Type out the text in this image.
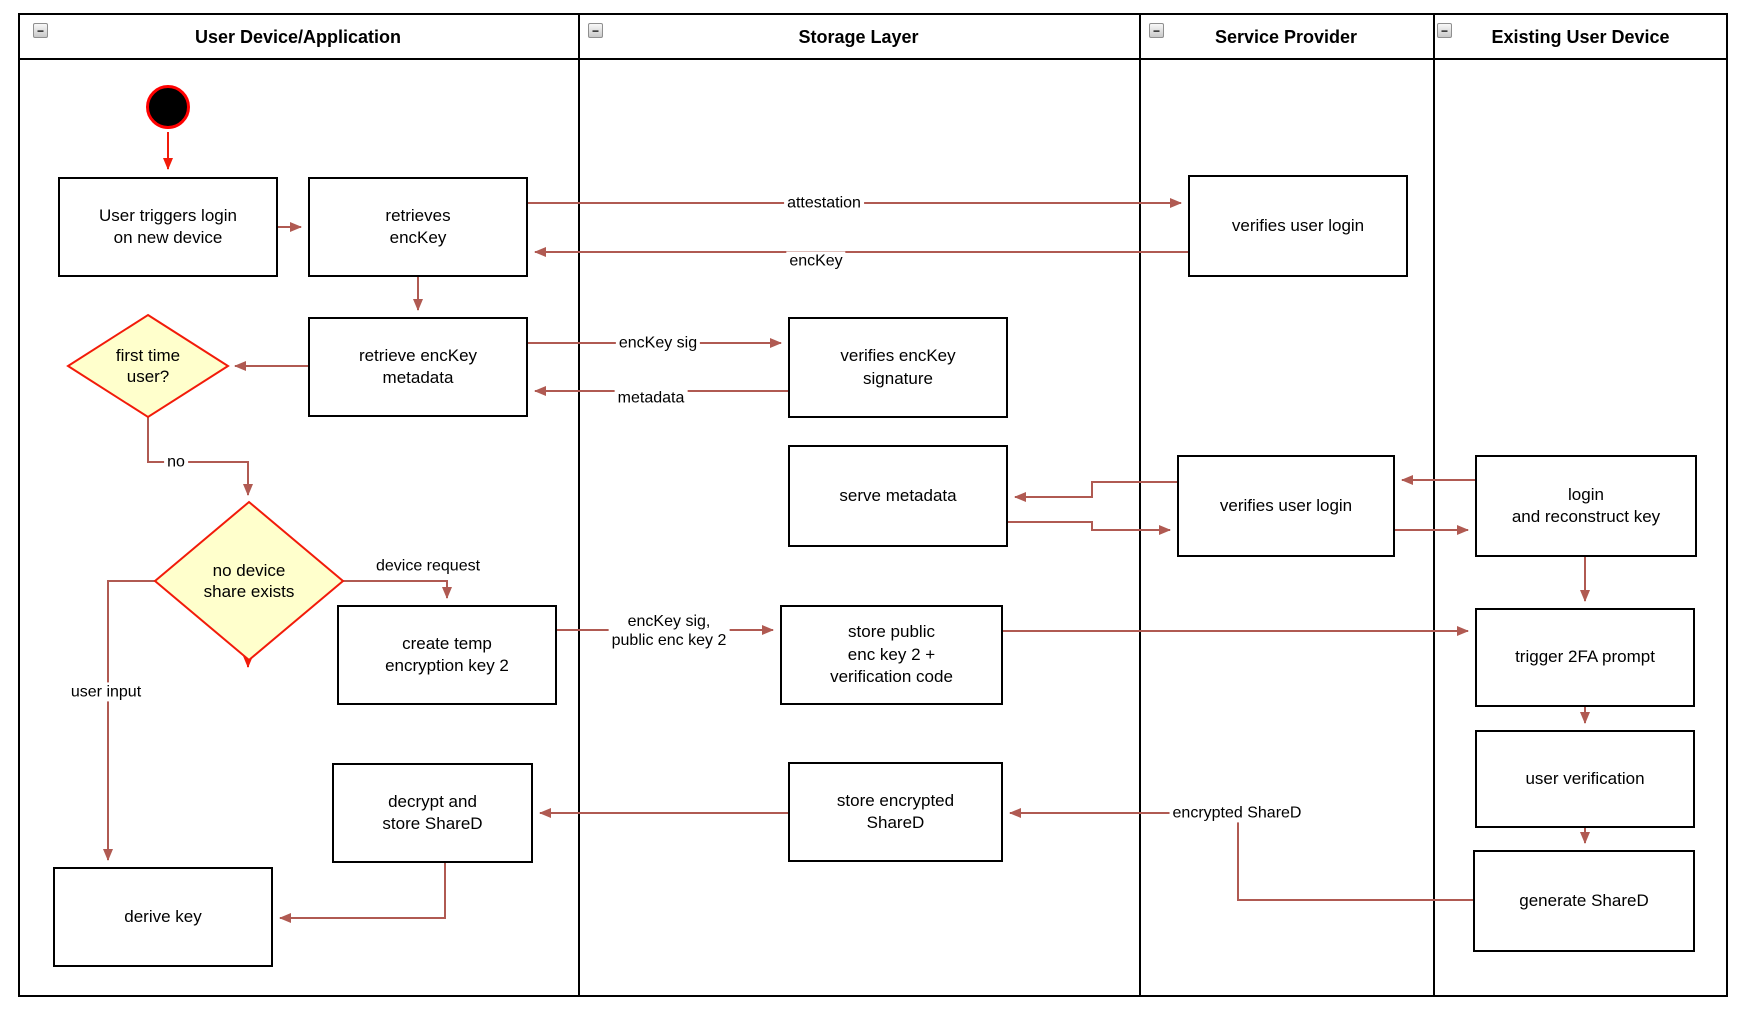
User Device/Application
−	Storage Layer
−	Service Provider
−	Existing User Device
−
User triggers login
on new device
retrieves
encKey
retrieve encKey
metadata
first time
user?
no device
share exists
create temp
encryption key 2
decrypt and
store ShareD
derive key
verifies encKey
signature
serve metadata
store public
enc key 2 +
verification code
store encrypted
ShareD
verifies user login
verifies user login
login
and reconstruct key
trigger 2FA prompt
user verification
generate ShareD
attestation
encKey
encKey sig
metadata
no
device request
user input
encKey sig,
public enc key 2
encrypted ShareD
